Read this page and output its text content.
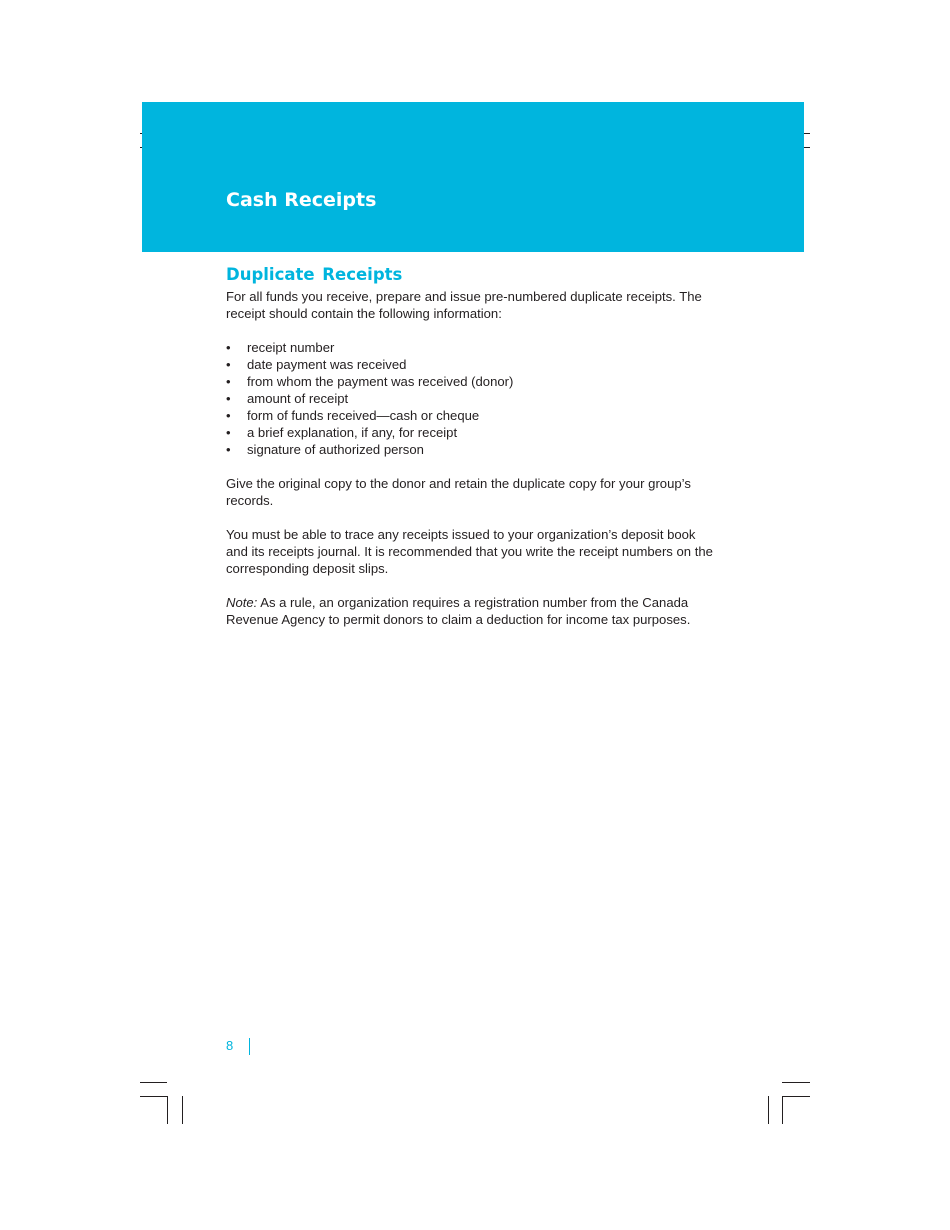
Cash Receipts
Duplicate Receipts

For all funds you receive, prepare and issue pre-numbered duplicate receipts. The receipt should contain the following information:

• receipt number
• date payment was received
• from whom the payment was received (donor)
• amount of receipt
• form of funds received—cash or cheque
• a brief explanation, if any, for receipt
• signature of authorized person

Give the original copy to the donor and retain the duplicate copy for your group’s records.

You must be able to trace any receipts issued to your organization’s deposit book and its receipts journal. It is recommended that you write the receipt numbers on the corresponding deposit slips.

Note: As a rule, an organization requires a registration number from the Canada Revenue Agency to permit donors to claim a deduction for income tax purposes.

8
